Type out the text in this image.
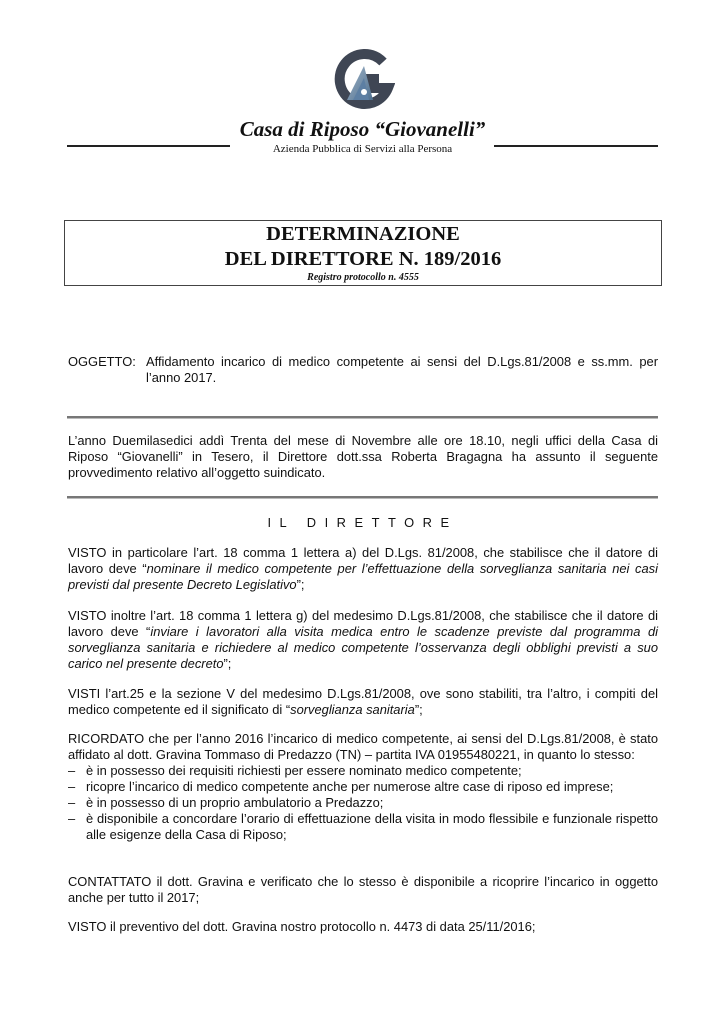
Casa di Riposo “Giovanelli”
Azienda Pubblica di Servizi alla Persona
DETERMINAZIONE
DEL DIRETTORE N. 189/2016
Registro protocollo n. 4555
OGGETTO: Affidamento incarico di medico competente ai sensi del D.Lgs.81/2008 e ss.mm. per l’anno 2017.
L’anno Duemilasedici addì Trenta del mese di Novembre alle ore 18.10, negli uffici della Casa di Riposo “Giovanelli” in Tesero, il Direttore dott.ssa Roberta Bragagna ha assunto il seguente provvedimento relativo all’oggetto suindicato.
IL DIRETTORE
VISTO in particolare l’art. 18 comma 1 lettera a) del D.Lgs. 81/2008, che stabilisce che il datore di lavoro deve “nominare il medico competente per l’effettuazione della sorveglianza sanitaria nei casi previsti dal presente Decreto Legislativo”;
VISTO inoltre l’art. 18 comma 1 lettera g) del medesimo D.Lgs.81/2008, che stabilisce che il datore di lavoro deve “inviare i lavoratori alla visita medica entro le scadenze previste dal programma di sorveglianza sanitaria e richiedere al medico competente l’osservanza degli obblighi previsti a suo carico nel presente decreto”;
VISTI l’art.25 e la sezione V del medesimo D.Lgs.81/2008, ove sono stabiliti, tra l’altro, i compiti del medico competente ed il significato di “sorveglianza sanitaria”;
RICORDATO che per l’anno 2016 l’incarico di medico competente, ai sensi del D.Lgs.81/2008, è stato affidato al dott. Gravina Tommaso di Predazzo (TN) – partita IVA 01955480221, in quanto lo stesso:
– è in possesso dei requisiti richiesti per essere nominato medico competente;
– ricopre l’incarico di medico competente anche per numerose altre case di riposo ed imprese;
– è in possesso di un proprio ambulatorio a Predazzo;
– è disponibile a concordare l’orario di effettuazione della visita in modo flessibile e funzionale rispetto alle esigenze della Casa di Riposo;
CONTATTATO il dott. Gravina e verificato che lo stesso è disponibile a ricoprire l’incarico in oggetto anche per tutto il 2017;
VISTO il preventivo del dott. Gravina nostro protocollo n. 4473 di data 25/11/2016;
